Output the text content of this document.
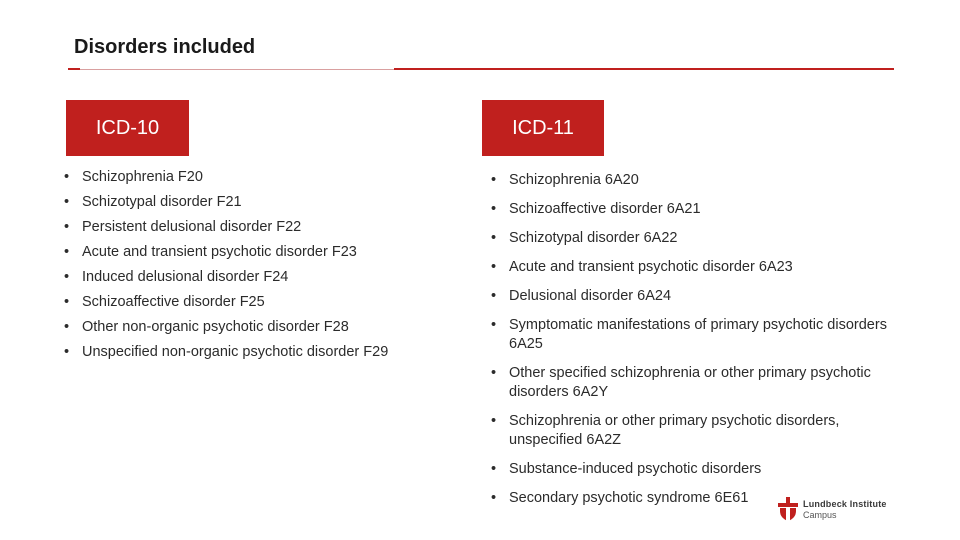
Disorders included
ICD-10	ICD-11
• Schizophrenia F20
• Schizotypal disorder F21
• Persistent delusional disorder F22
• Acute and transient psychotic disorder F23
• Induced delusional disorder F24
• Schizoaffective disorder F25
• Other non-organic psychotic disorder F28
• Unspecified non-organic psychotic disorder F29
• Schizophrenia 6A20
• Schizoaffective disorder 6A21
• Schizotypal disorder 6A22
• Acute and transient psychotic disorder 6A23
• Delusional disorder 6A24
• Symptomatic manifestations of primary psychotic disorders 6A25
• Other specified schizophrenia or other primary psychotic disorders 6A2Y
• Schizophrenia or other primary psychotic disorders, unspecified 6A2Z
• Substance-induced psychotic disorders
• Secondary psychotic syndrome 6E61	Lundbeck Institute
Campus
